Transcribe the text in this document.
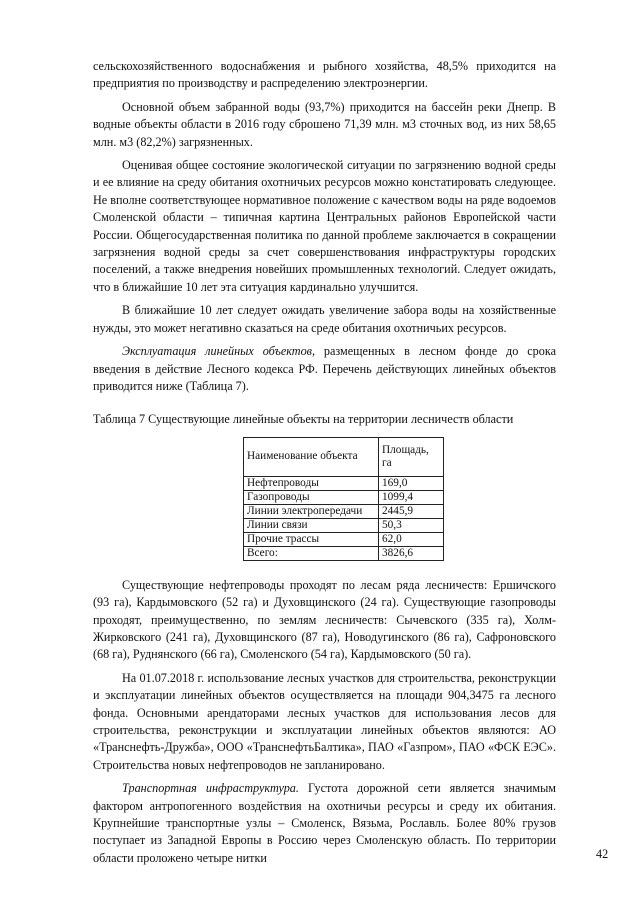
сельскохозяйственного водоснабжения и рыбного хозяйства, 48,5% приходится на предприятия по производству и распределению электроэнергии.

Основной объем забранной воды (93,7%) приходится на бассейн реки Днепр. В водные объекты области в 2016 году сброшено 71,39 млн. м3 сточных вод, из них 58,65 млн. м3 (82,2%) загрязненных.

Оценивая общее состояние экологической ситуации по загрязнению водной среды и ее влияние на среду обитания охотничьих ресурсов можно констатировать следующее. Не вполне соответствующее нормативное положение с качеством воды на ряде водоемов Смоленской области – типичная картина Центральных районов Европейской части России. Общегосударственная политика по данной проблеме заключается в сокращении загрязнения водной среды за счет совершенствования инфраструктуры городских поселений, а также внедрения новейших промышленных технологий. Следует ожидать, что в ближайшие 10 лет эта ситуация кардинально улучшится.

В ближайшие 10 лет следует ожидать увеличение забора воды на хозяйственные нужды, это может негативно сказаться на среде обитания охотничьих ресурсов.

Эксплуатация линейных объектов, размещенных в лесном фонде до срока введения в действие Лесного кодекса РФ. Перечень действующих линейных объектов приводится ниже (Таблица 7).

Таблица 7 Существующие линейные объекты на территории лесничеств области

Наименование объекта	Площадь, га
Нефтепроводы	169,0
Газопроводы	1099,4
Линии электропередачи	2445,9
Линии связи	50,3
Прочие трассы	62,0
Всего:	3826,6

Существующие нефтепроводы проходят по лесам ряда лесничеств: Ершичского (93 га), Кардымовского (52 га) и Духовщинского (24 га). Существующие газопроводы проходят, преимущественно, по землям лесничеств: Сычевского (335 га), Холм-Жирковского (241 га), Духовщинского (87 га), Новодугинского (86 га), Сафроновского (68 га), Руднянского (66 га), Смоленского (54 га), Кардымовского (50 га).

На 01.07.2018 г. использование лесных участков для строительства, реконструкции и эксплуатации линейных объектов осуществляется на площади 904,3475 га лесного фонда. Основными арендаторами лесных участков для использования лесов для строительства, реконструкции и эксплуатации линейных объектов являются: АО «Транснефть-Дружба», ООО «ТранснефтьБалтика», ПАО «Газпром», ПАО «ФСК ЕЭС». Строительства новых нефтепроводов не запланировано.

Транспортная инфраструктура. Густота дорожной сети является значимым фактором антропогенного воздействия на охотничьи ресурсы и среду их обитания. Крупнейшие транспортные узлы – Смоленск, Вязьма, Рославль. Более 80% грузов поступает из Западной Европы в Россию через Смоленскую область. По территории области проложено четыре нитки	42
